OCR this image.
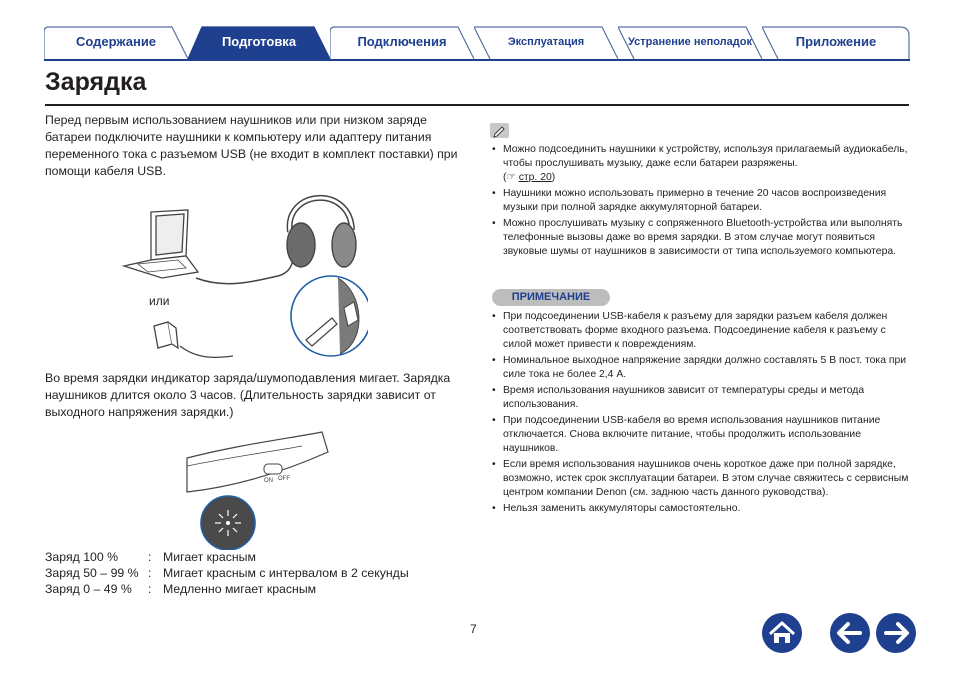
Содержание	Подготовка	Подключения	Эксплуатация	Устранение неполадок	Приложение
Зарядка
Перед первым использованием наушников или при низком заряде батареи подключите наушники к компьютеру или адаптеру питания переменного тока с разъемом USB (не входит в комплект поставки) при помощи кабеля USB.
или
Во время зарядки индикатор заряда/шумоподавления мигает. Зарядка наушников длится около 3 часов. (Длительность зарядки зависит от выходного напряжения зарядки.)
ON OFF
Заряд 100 % : Мигает красным
Заряд 50 – 99 % : Мигает красным с интервалом в 2 секунды
Заряд 0 – 49 % : Медленно мигает красным
• Можно подсоединить наушники к устройству, используя прилагаемый аудиокабель, чтобы прослушивать музыку, даже если батареи разряжены.
(☞ стр. 20)
• Наушники можно использовать примерно в течение 20 часов воспроизведения музыки при полной зарядке аккумуляторной батареи.
• Можно прослушивать музыку с сопряженного Bluetooth-устройства или выполнять телефонные вызовы даже во время зарядки. В этом случае могут появиться звуковые шумы от наушников в зависимости от типа используемого компьютера.
ПРИМЕЧАНИЕ
• При подсоединении USB-кабеля к разъему для зарядки разъем кабеля должен соответствовать форме входного разъема. Подсоединение кабеля к разъему с силой может привести к повреждениям.
• Номинальное выходное напряжение зарядки должно составлять 5 В пост. тока при силе тока не более 2,4 А.
• Время использования наушников зависит от температуры среды и метода использования.
• При подсоединении USB-кабеля во время использования наушников питание отключается. Снова включите питание, чтобы продолжить использование наушников.
• Если время использования наушников очень короткое даже при полной зарядке, возможно, истек срок эксплуатации батареи. В этом случае свяжитесь с сервисным центром компании Denon (см. заднюю часть данного руководства).
• Нельзя заменить аккумуляторы самостоятельно.
7
